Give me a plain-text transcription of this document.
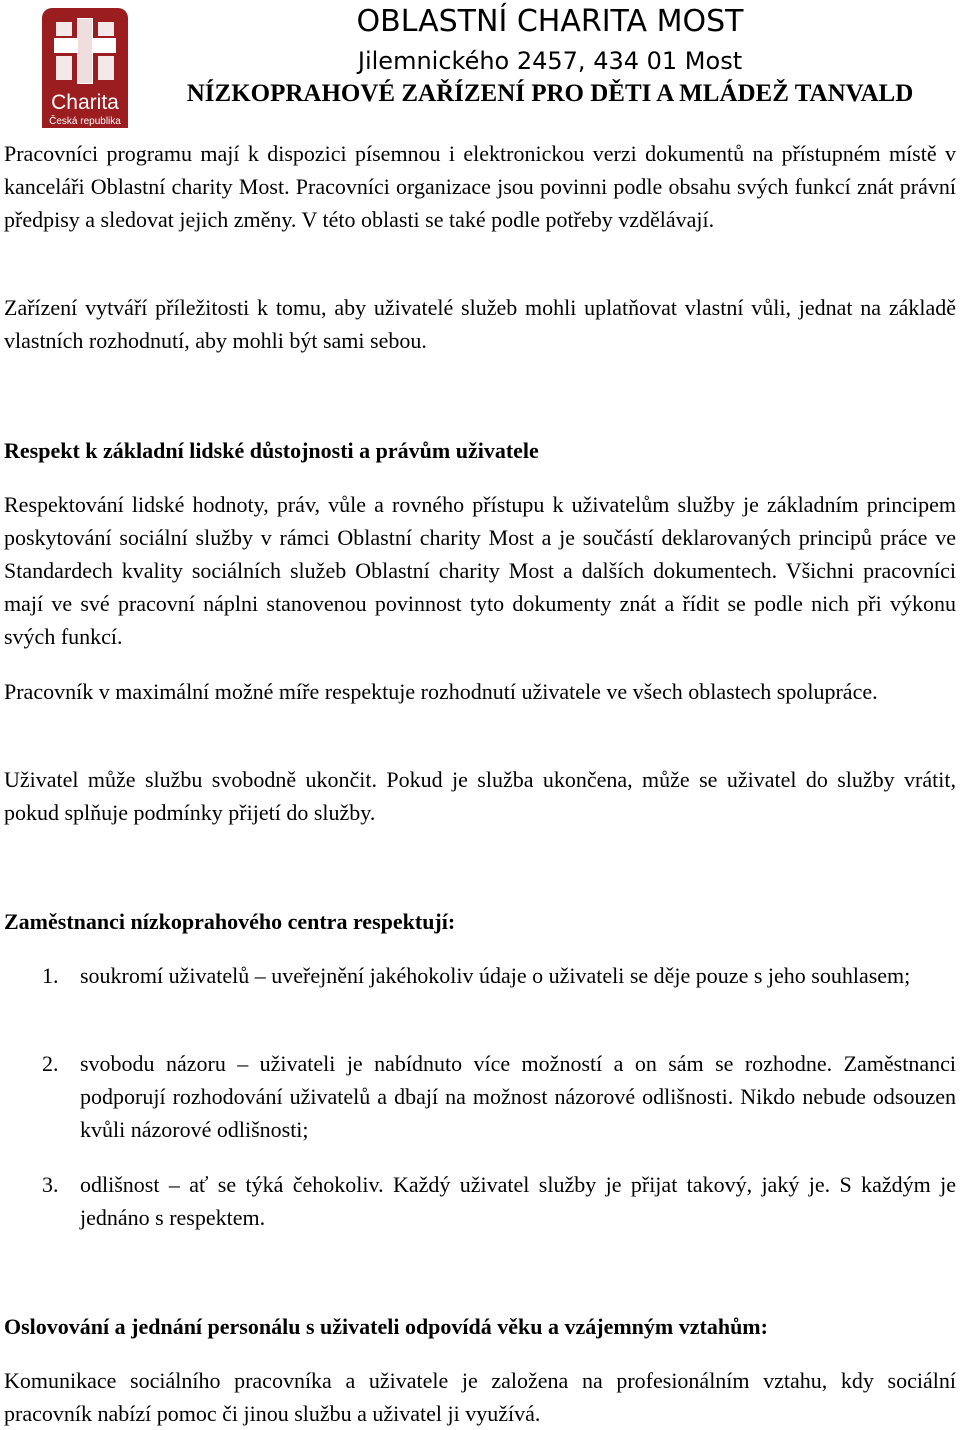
Charita
Česká republika
OBLASTNÍ CHARITA MOST
Jilemnického 2457, 434 01 Most
NÍZKOPRAHOVÉ ZAŘÍZENÍ PRO DĚTI A MLÁDEŽ TANVALD

Pracovníci programu mají k dispozici písemnou i elektronickou verzi dokumentů na přístupném místě v kanceláři Oblastní charity Most. Pracovníci organizace jsou povinni podle obsahu svých funkcí znát právní předpisy a sledovat jejich změny. V této oblasti se také podle potřeby vzdělávají.

Zařízení vytváří příležitosti k tomu, aby uživatelé služeb mohli uplatňovat vlastní vůli, jednat na základě vlastních rozhodnutí, aby mohli být sami sebou.

Respekt k základní lidské důstojnosti a právům uživatele

Respektování lidské hodnoty, práv, vůle a rovného přístupu k uživatelům služby je základním principem poskytování sociální služby v rámci Oblastní charity Most a je součástí deklarovaných principů práce ve Standardech kvality sociálních služeb Oblastní charity Most a dalších dokumentech. Všichni pracovníci mají ve své pracovní náplni stanovenou povinnost tyto dokumenty znát a řídit se podle nich při výkonu svých funkcí.

Pracovník v maximální možné míře respektuje rozhodnutí uživatele ve všech oblastech spolupráce.

Uživatel může službu svobodně ukončit. Pokud je služba ukončena, může se uživatel do služby vrátit, pokud splňuje podmínky přijetí do služby.

Zaměstnanci nízkoprahového centra respektují:
1. soukromí uživatelů – uveřejnění jakéhokoliv údaje o uživateli se děje pouze s jeho souhlasem;

2. svobodu názoru – uživateli je nabídnuto více možností a on sám se rozhodne. Zaměstnanci podporují rozhodování uživatelů a dbají na možnost názorové odlišnosti. Nikdo nebude odsouzen kvůli názorové odlišnosti;

3. odlišnost – ať se týká čehokoliv. Každý uživatel služby je přijat takový, jaký je. S každým je jednáno s respektem.

Oslovování a jednání personálu s uživateli odpovídá věku a vzájemným vztahům:

Komunikace sociálního pracovníka a uživatele je založena na profesionálním vztahu, kdy sociální pracovník nabízí pomoc či jinou službu a uživatel ji využívá.
